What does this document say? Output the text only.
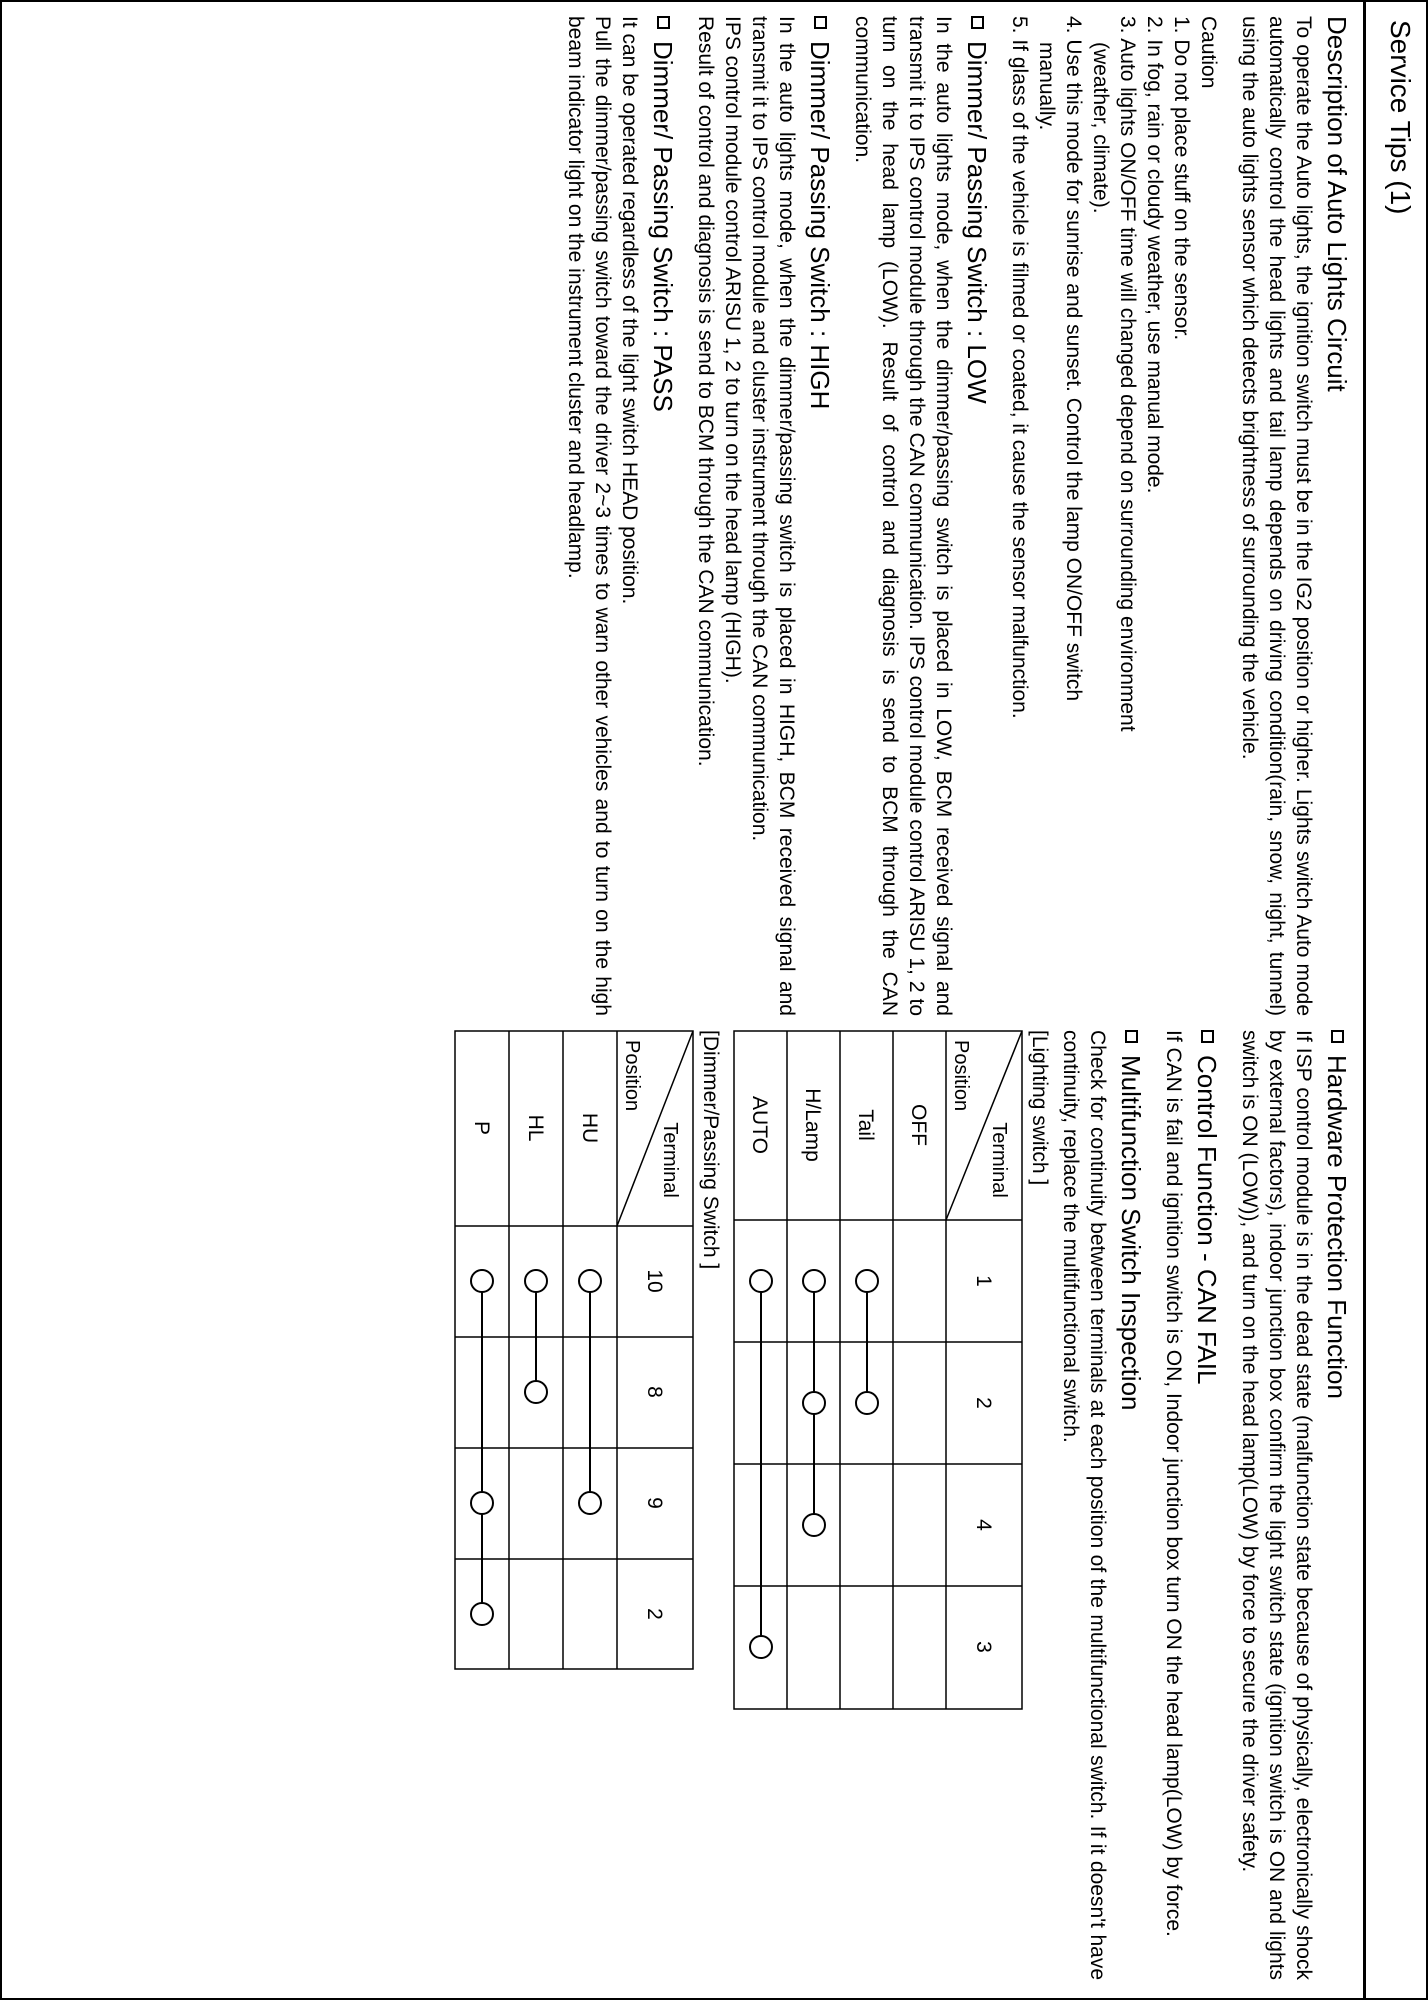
Service Tips (1)
Description of Auto Lights Circuit

To operate the Auto lights, the ignition switch must be in the IG2 position or higher. Lights switch Auto mode automatically control the head lights and tail lamp depends on driving condition(rain, snow, night, tunnel) using the auto lights sensor which detects brightness of surrounding the vehicle.

Caution
1. Do not place stuff on the sensor.
2. In fog, rain or cloudy weather, use manual mode.
3. Auto lights ON/OFF time will changed depend on surrounding environment
(weather, climate).
4. Use this mode for sunrise and sunset. Control the lamp ON/OFF switch
manually.
5. If glass of the vehicle is filmed or coated, it cause the sensor malfunction.
Dimmer/ Passing Switch : LOW

In the auto lights mode, when the dimmer/passing switch is placed in LOW, BCM received signal and transmit it to IPS control module through the CAN communication. IPS control module control ARISU 1, 2 to turn on the head lamp (LOW). Result of control and diagnosis is send to BCM through the CAN communication.

Dimmer/ Passing Switch : HIGH

In the auto lights mode, when the dimmer/passing switch is placed in HIGH, BCM received signal and transmit it to IPS control module and cluster instrument through the CAN communication.

IPS control module control ARISU 1, 2 to turn on the head lamp (HIGH).

Result of control and diagnosis is send to BCM through the CAN communication.

Dimmer/ Passing Switch : PASS

It can be operated regardless of the light switch HEAD position.

Pull the dimmer/passing switch toward the driver 2~3 times to warn other vehicles and to turn on the high beam indicator light on the instrument cluster and headlamp.

Hardware Protection Function

If ISP control module is in the dead state (malfunction state because of physically, electronically shock by external factors), indoor junction box confirm the light switch state (ignition switch is ON and lights switch is ON (LOW)), and turn on the head lamp(LOW) by force to secure the driver safety.

Control Function - CAN FAIL

If CAN is fail and ignition switch is ON, Indoor junction box turn ON the head lamp(LOW) by force.

Multifunction Switch Inspection

Check for continuity between terminals at each position of the multifunctional switch. If it doesn't have continuity, replace the multifunctional switch.

[Lighting switch ]
Terminal
Position
1
2
4
3
OFF
Tail
H/Lamp
AUTO
[Dimmer/Passing Switch ]
Terminal
Position
10
8
9
2
HU
HL
P
